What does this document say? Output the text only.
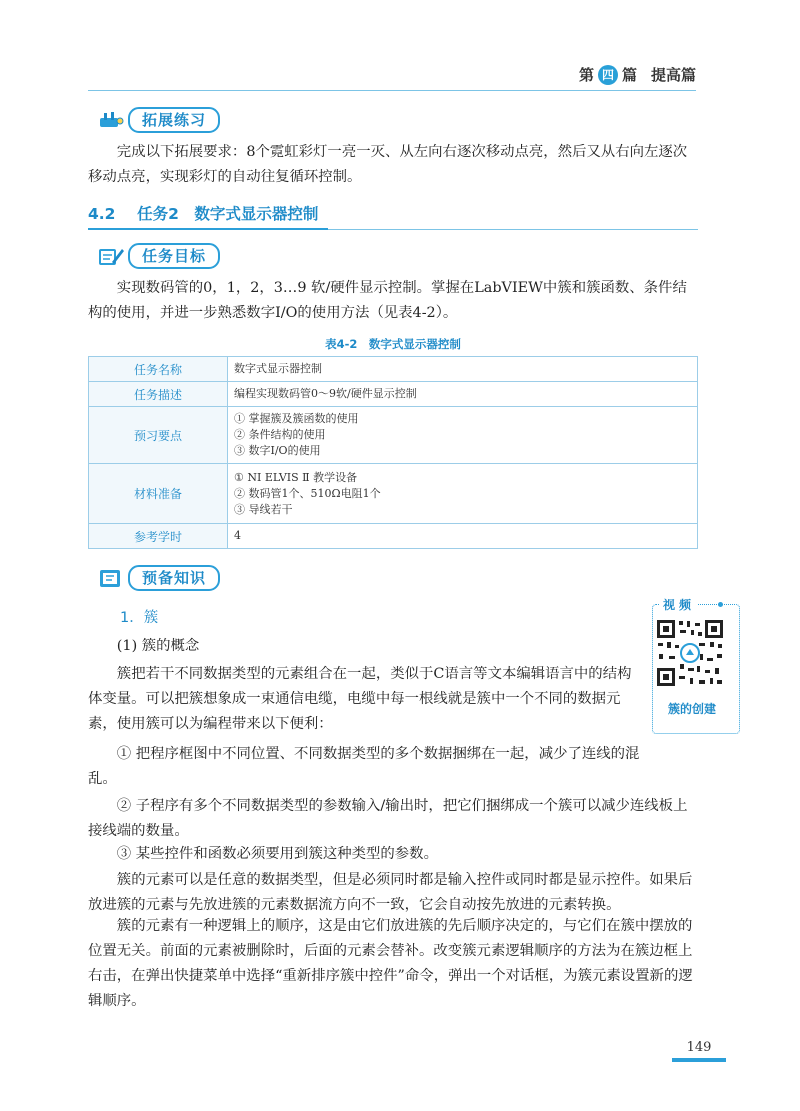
第 四 篇 提高篇
拓展练习

完成以下拓展要求：8个霓虹彩灯一亮一灭、从左向右逐次移动点亮，然后又从右向左逐次移动点亮，实现彩灯的自动往复循环控制。

4.2 任务2　数字式显示器控制
任务目标

实现数码管的0，1，2，3…9 软/硬件显示控制。掌握在LabVIEW中簇和簇函数、条件结构的使用，并进一步熟悉数字I/O的使用方法（见表4-2）。

表4-2　数字式显示器控制
任务名称	数字式显示器控制

任务描述	编程实现数码管0～9软/硬件显示控制

预习要点	① 掌握簇及簇函数的使用
② 条件结构的使用
③ 数字I/O的使用

材料准备	① NI ELVIS Ⅱ 教学设备
② 数码管1个、510Ω电阻1个
③ 导线若干

参考学时	4
预备知识
1．簇
视频
簇的创建

(1) 簇的概念

簇把若干不同数据类型的元素组合在一起，类似于C语言等文本编辑语言中的结构体变量。可以把簇想象成一束通信电缆，电缆中每一根线就是簇中一个不同的数据元素，使用簇可以为编程带来以下便利：

① 把程序框图中不同位置、不同数据类型的多个数据捆绑在一起，减少了连线的混乱。

② 子程序有多个不同数据类型的参数输入/输出时，把它们捆绑成一个簇可以减少连线板上接线端的数量。

③ 某些控件和函数必须要用到簇这种类型的参数。

簇的元素可以是任意的数据类型，但是必须同时都是输入控件或同时都是显示控件。如果后放进簇的元素与先放进簇的元素数据流方向不一致，它会自动按先放进的元素转换。

簇的元素有一种逻辑上的顺序，这是由它们放进簇的先后顺序决定的，与它们在簇中摆放的位置无关。前面的元素被删除时，后面的元素会替补。改变簇元素逻辑顺序的方法为在簇边框上右击，在弹出快捷菜单中选择“重新排序簇中控件”命令，弹出一个对话框，为簇元素设置新的逻辑顺序。

149
